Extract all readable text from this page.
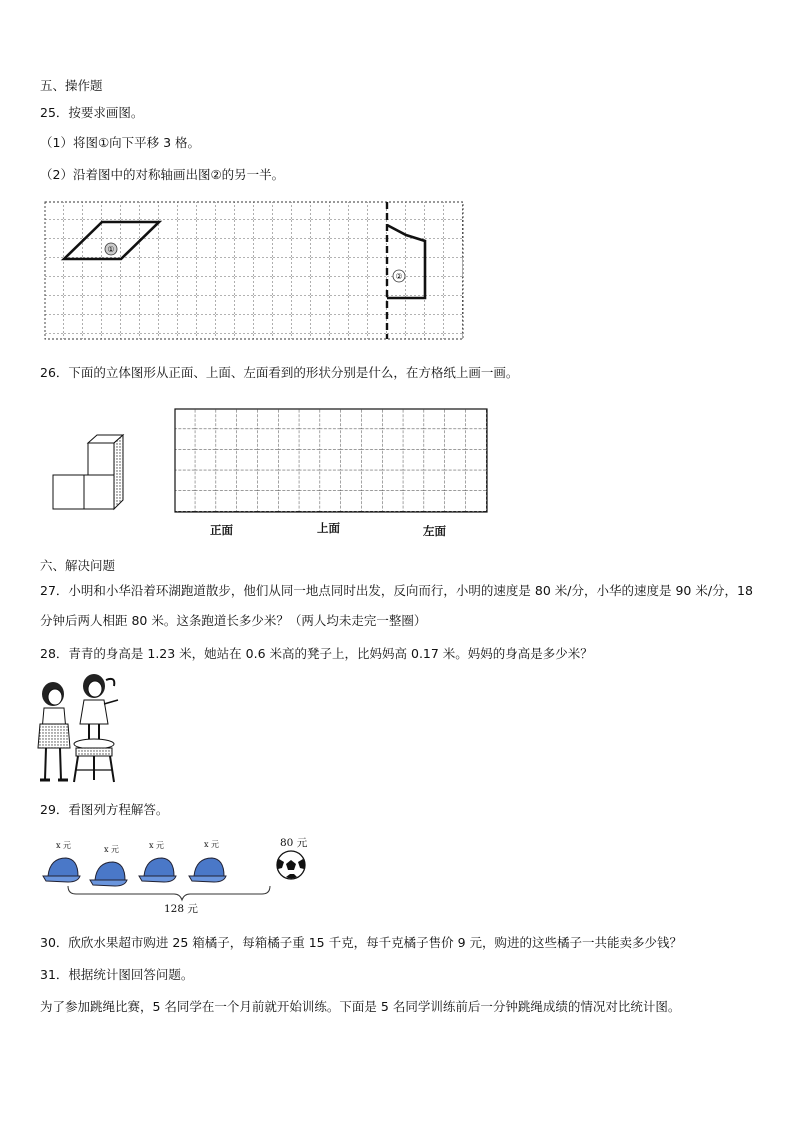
五、操作题
25．按要求画图。
（1）将图①向下平移 3 格。
（2）沿着图中的对称轴画出图②的另一半。
①
②
26．下面的立体图形从正面、上面、左面看到的形状分别是什么，在方格纸上画一画。
正面	上面	左面
六、解决问题
27．小明和小华沿着环湖跑道散步，他们从同一地点同时出发，反向而行，小明的速度是 80 米/分，小华的速度是 90 米/分，18 分钟后两人相距 80 米。这条跑道长多少米？（两人均未走完一整圈）
28．青青的身高是 1.23 米，她站在 0.6 米高的凳子上，比妈妈高 0.17 米。妈妈的身高是多少米？
29．看图列方程解答。
x 元	x 元	x 元	x 元	80 元
128 元
30．欣欣水果超市购进 25 箱橘子，每箱橘子重 15 千克，每千克橘子售价 9 元，购进的这些橘子一共能卖多少钱？
31．根据统计图回答问题。
为了参加跳绳比赛，5 名同学在一个月前就开始训练。下面是 5 名同学训练前后一分钟跳绳成绩的情况对比统计图。
